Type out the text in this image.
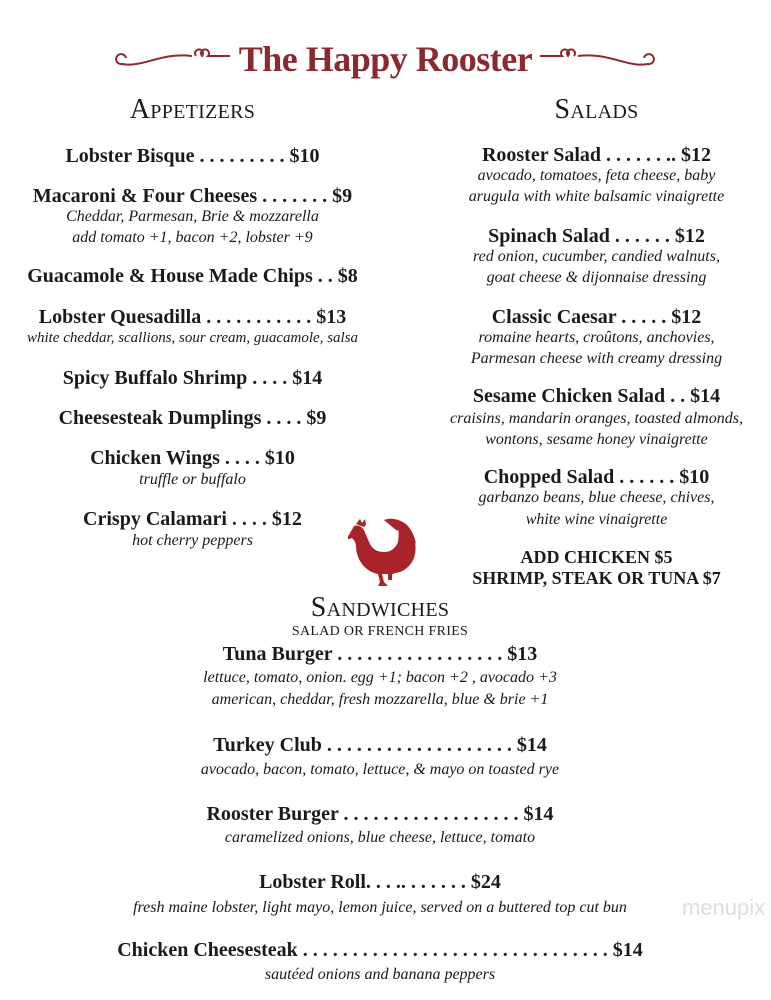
The Happy Rooster
Appetizers
Lobster Bisque . . . . . . . . . $10
Macaroni & Four Cheeses . . . . . . . $9
Cheddar, Parmesan, Brie & mozzarella
add tomato +1, bacon +2, lobster +9
Guacamole & House Made Chips . . $8
Lobster Quesadilla . . . . . . . . . . . $13
white cheddar, scallions, sour cream, guacamole, salsa
Spicy Buffalo Shrimp . . . . $14
Cheesesteak Dumplings . . . . $9
Chicken Wings . . . . $10
truffle or buffalo
Crispy Calamari . . . . $12
hot cherry peppers
Salads
Rooster Salad . . . . . . .. $12
avocado, tomatoes, feta cheese, baby
arugula with white balsamic vinaigrette
Spinach Salad . . . . . . $12
red onion, cucumber, candied walnuts,
goat cheese & dijonnaise dressing
Classic Caesar . . . . . $12
romaine hearts, croûtons, anchovies,
Parmesan cheese with creamy dressing
Sesame Chicken Salad . . $14
craisins, mandarin oranges, toasted almonds,
wontons, sesame honey vinaigrette
Chopped Salad . . . . . . $10
garbanzo beans, blue cheese, chives,
white wine vinaigrette
ADD CHICKEN $5
SHRIMP, STEAK OR TUNA $7
Sandwiches
SALAD OR FRENCH FRIES
Tuna Burger . . . . . . . . . . . . . . . . . $13
lettuce, tomato, onion. egg +1; bacon +2 , avocado +3
american, cheddar, fresh mozzarella, blue & brie +1
Turkey Club . . . . . . . . . . . . . . . . . . . $14
avocado, bacon, tomato, lettuce, & mayo on toasted rye
Rooster Burger . . . . . . . . . . . . . . . . . . $14
caramelized onions, blue cheese, lettuce, tomato
Lobster Roll. . . .. . . . . . . $24
fresh maine lobster, light mayo, lemon juice, served on a buttered top cut bun
Chicken Cheesesteak . . . . . . . . . . . . . . . . . . . . . . . . . . . . . . . $14
sautéed onions and banana peppers
menupix
